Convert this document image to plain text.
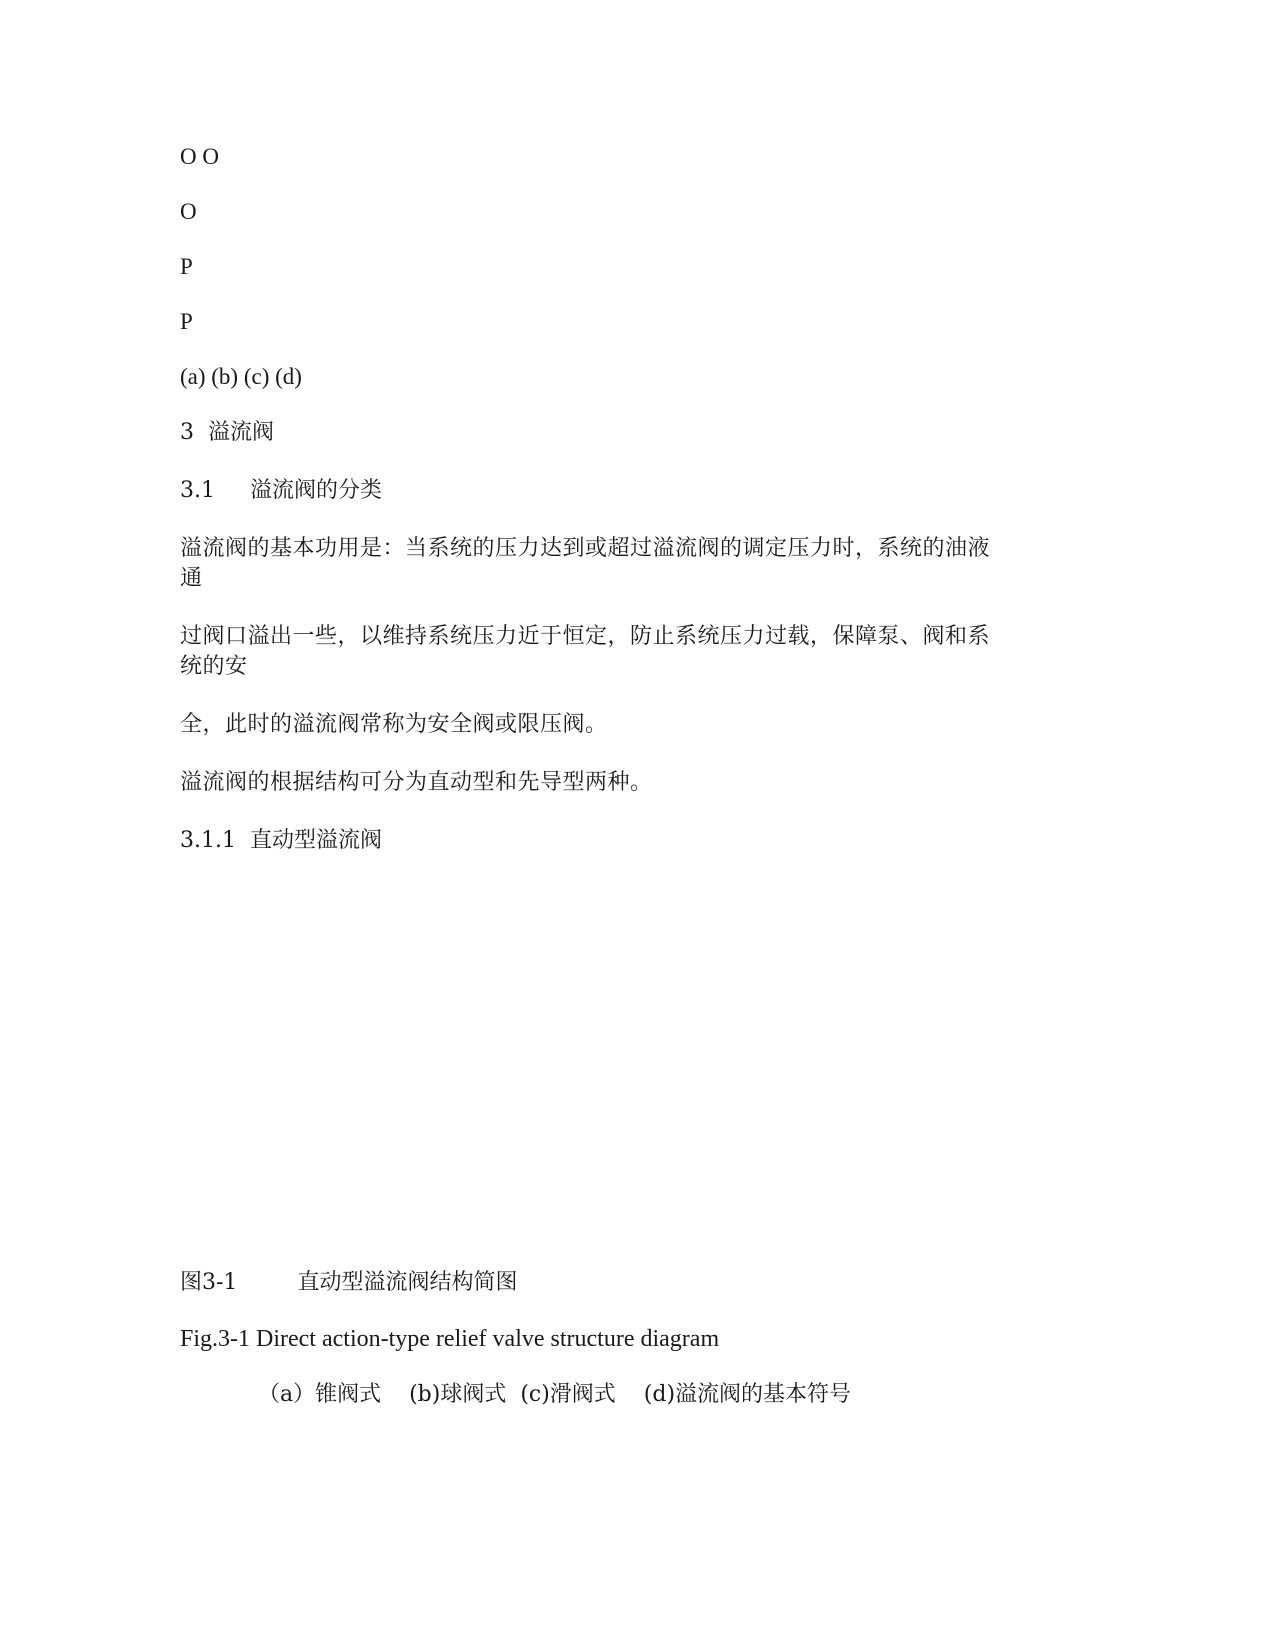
O O
O
P
P
(a) (b) (c) (d)
3  溢流阀
3.1     溢流阀的分类
溢流阀的基本功用是：当系统的压力达到或超过溢流阀的调定压力时，系统的油液
通
过阀口溢出一些，以维持系统压力近于恒定，防止系统压力过载，保障泵、阀和系
统的安
全，此时的溢流阀常称为安全阀或限压阀。
溢流阀的根据结构可分为直动型和先导型两种。
3.1.1  直动型溢流阀
图3-1	直动型溢流阀结构简图
Fig.3-1 Direct action-type relief valve structure diagram
（a）锥阀式    (b)球阀式  (c)滑阀式    (d)溢流阀的基本符号
